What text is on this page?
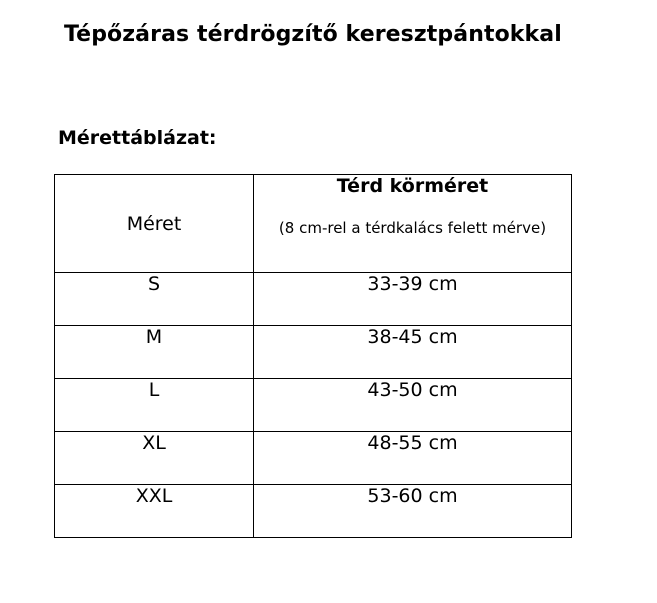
Tépőzáras térdrögzítő keresztpántokkal
Mérettáblázat:
Méret	Térd körméret
(8 cm-rel a térdkalács felett mérve)

S	33-39 cm
M	38-45 cm
L	43-50 cm
XL	48-55 cm
XXL	53-60 cm
